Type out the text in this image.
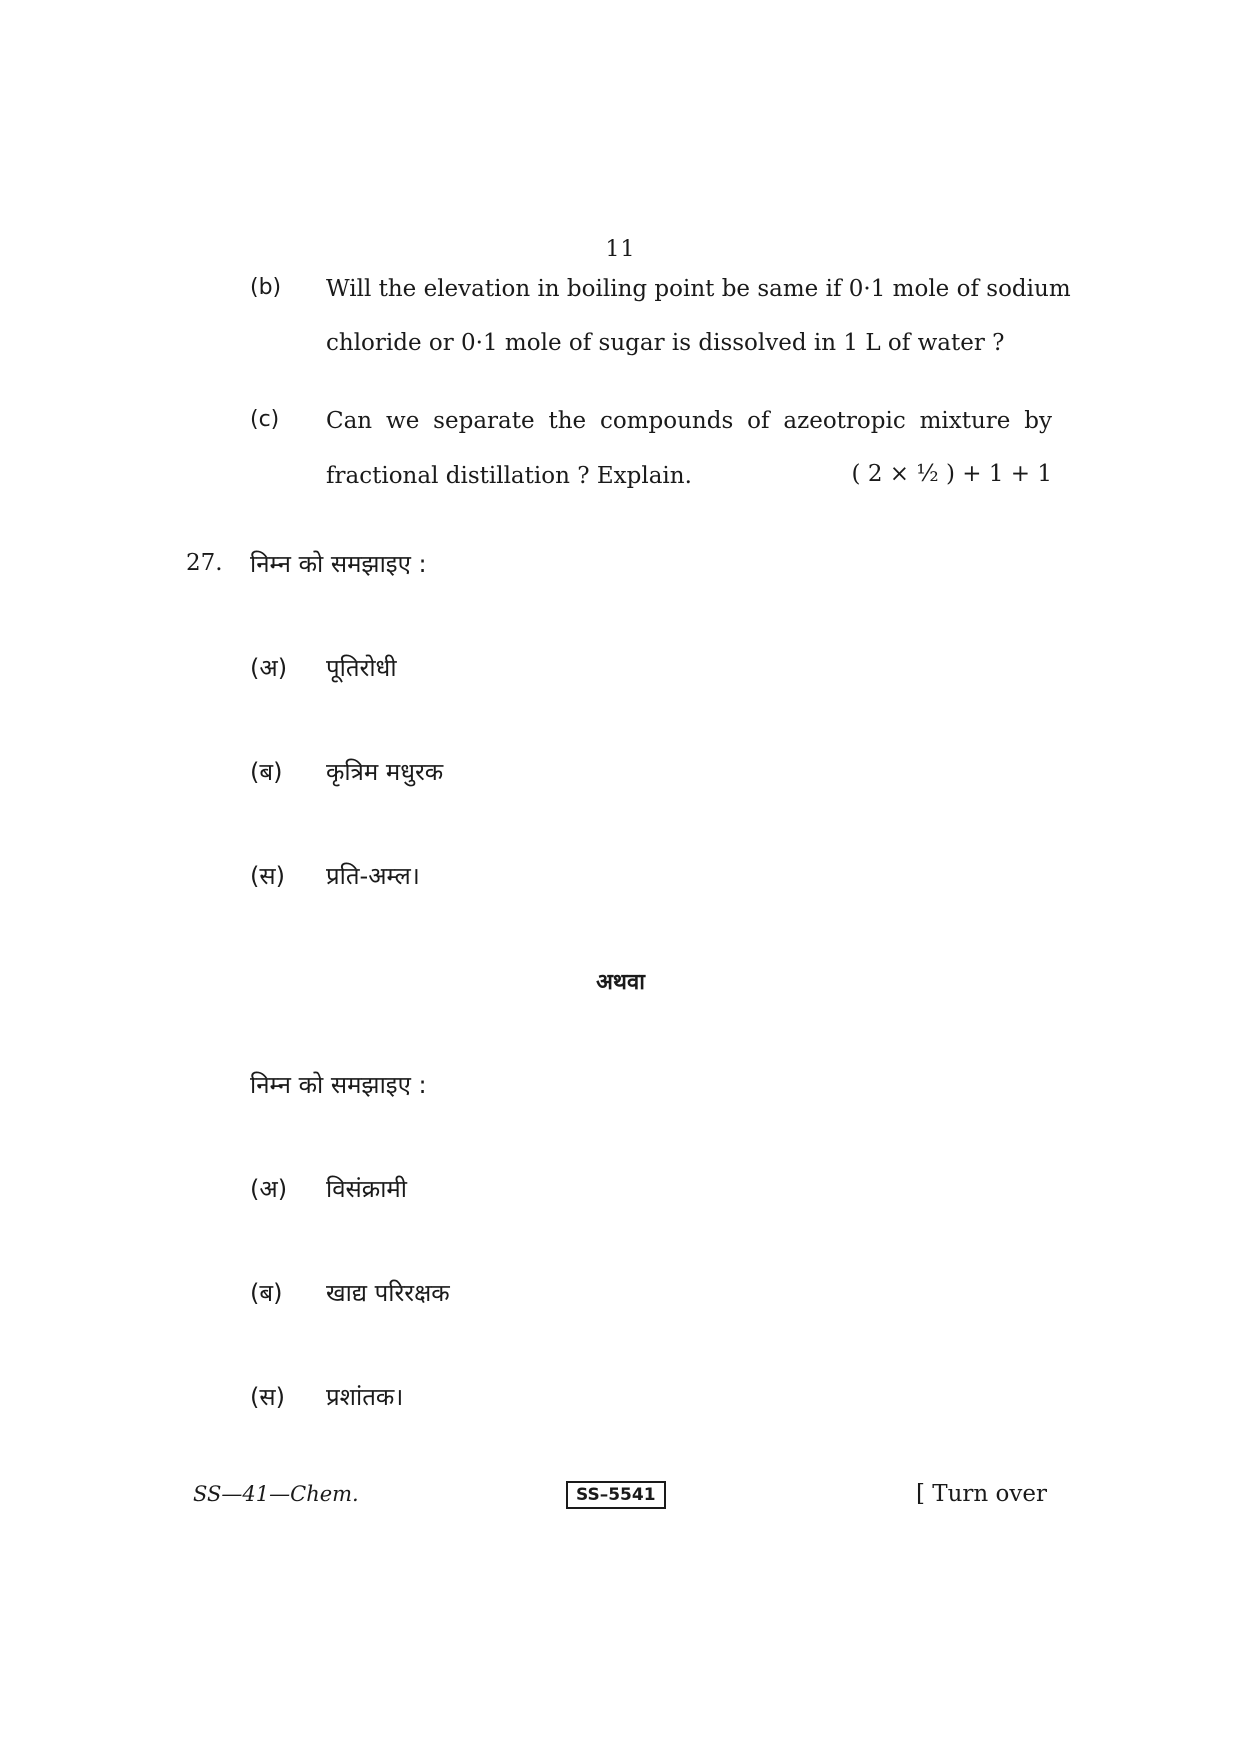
11
(b) Will the elevation in boiling point be same if 0·1 mole of sodium
chloride or 0·1 mole of sugar is dissolved in 1 L of water ?
(c) Can we separate the compounds of azeotropic mixture by
fractional distillation ? Explain.	( 2 × ½ ) + 1 + 1
27. निम्न को समझाइए :
(अ) पूतिरोधी
(ब) कृत्रिम मधुरक
(स) प्रति-अम्ल।
अथवा
निम्न को समझाइए :
(अ) विसंक्रामी
(ब) खाद्य परिरक्षक
(स) प्रशांतक।
SS—41—Chem.	SS–5541	[ Turn over
